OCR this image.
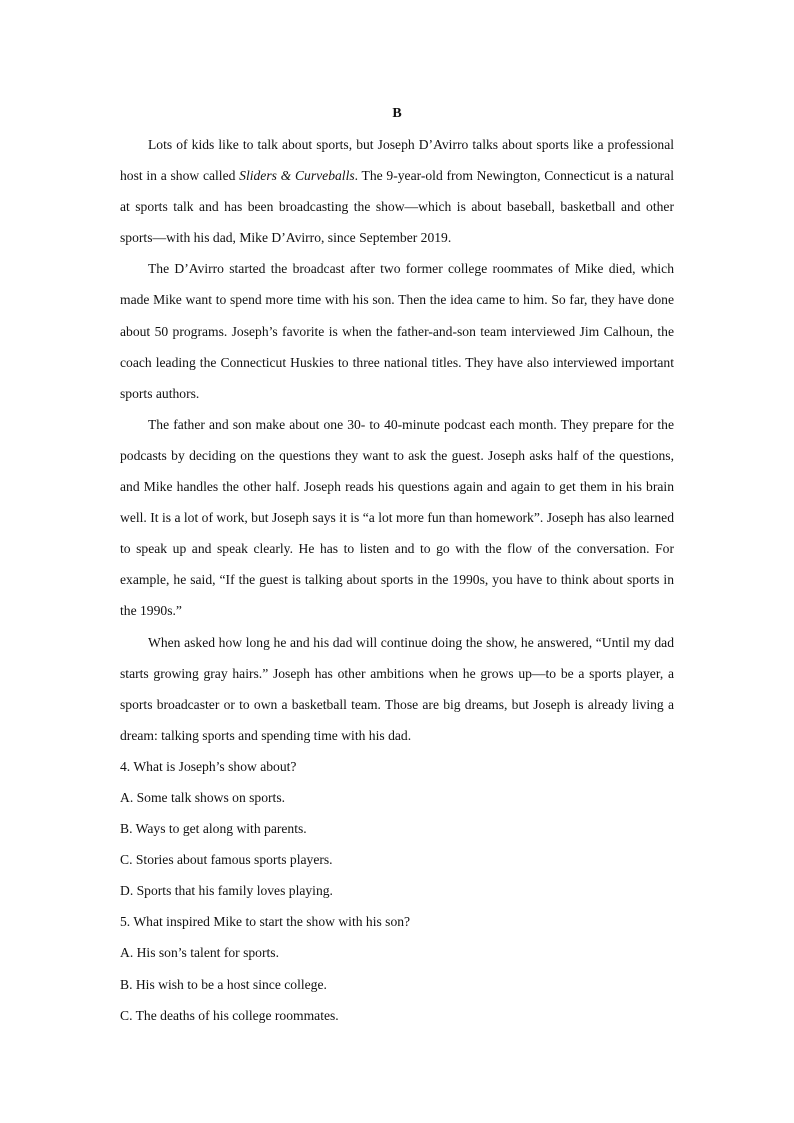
B

Lots of kids like to talk about sports, but Joseph D’Avirro talks about sports like a professional host in a show called Sliders & Curveballs. The 9-year-old from Newington, Connecticut is a natural at sports talk and has been broadcasting the show—which is about baseball, basketball and other sports—with his dad, Mike D’Avirro, since September 2019.

The D’Avirro started the broadcast after two former college roommates of Mike died, which made Mike want to spend more time with his son. Then the idea came to him. So far, they have done about 50 programs. Joseph’s favorite is when the father-and-son team interviewed Jim Calhoun, the coach leading the Connecticut Huskies to three national titles. They have also interviewed important sports authors.

The father and son make about one 30- to 40-minute podcast each month. They prepare for the podcasts by deciding on the questions they want to ask the guest. Joseph asks half of the questions, and Mike handles the other half. Joseph reads his questions again and again to get them in his brain well. It is a lot of work, but Joseph says it is “a lot more fun than homework”. Joseph has also learned to speak up and speak clearly. He has to listen and to go with the flow of the conversation. For example, he said, “If the guest is talking about sports in the 1990s, you have to think about sports in the 1990s.”

When asked how long he and his dad will continue doing the show, he answered, “Until my dad starts growing gray hairs.” Joseph has other ambitions when he grows up—to be a sports player, a sports broadcaster or to own a basketball team. Those are big dreams, but Joseph is already living a dream: talking sports and spending time with his dad.

4. What is Joseph’s show about?

A. Some talk shows on sports.

B. Ways to get along with parents.

C. Stories about famous sports players.

D. Sports that his family loves playing.

5. What inspired Mike to start the show with his son?

A. His son’s talent for sports.

B. His wish to be a host since college.

C. The deaths of his college roommates.
